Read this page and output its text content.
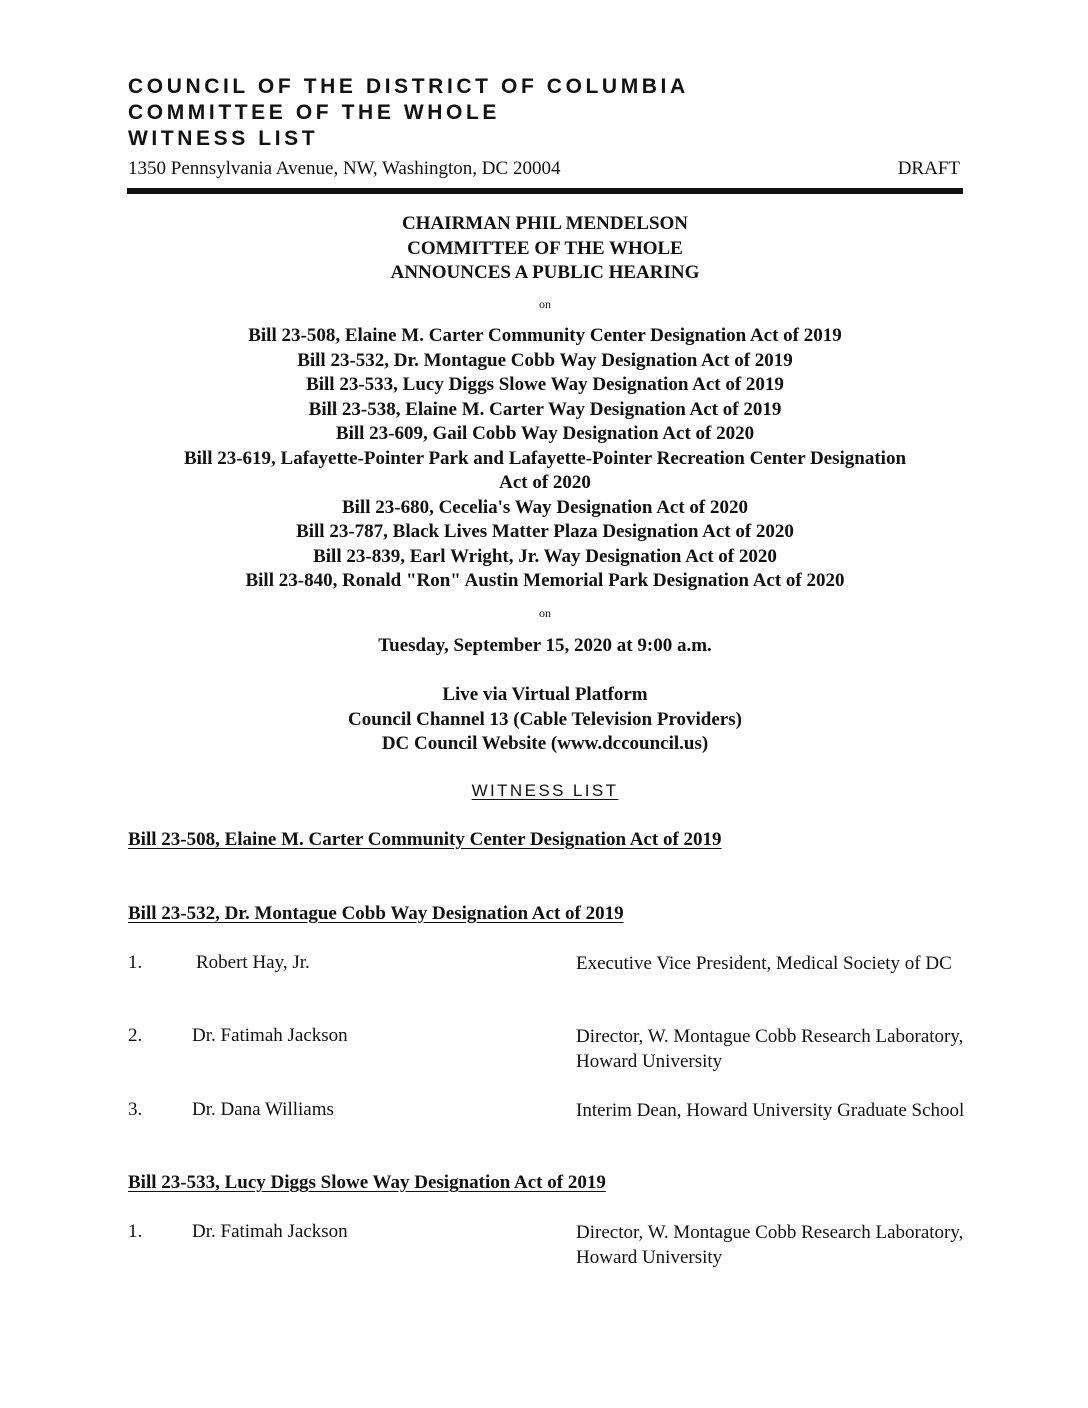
COUNCIL OF THE DISTRICT OF COLUMBIA
COMMITTEE OF THE WHOLE
WITNESS LIST
1350 Pennsylvania Avenue, NW, Washington, DC 20004	DRAFT
CHAIRMAN PHIL MENDELSON
COMMITTEE OF THE WHOLE
ANNOUNCES A PUBLIC HEARING
on
Bill 23-508, Elaine M. Carter Community Center Designation Act of 2019
Bill 23-532, Dr. Montague Cobb Way Designation Act of 2019
Bill 23-533, Lucy Diggs Slowe Way Designation Act of 2019
Bill 23-538, Elaine M. Carter Way Designation Act of 2019
Bill 23-609, Gail Cobb Way Designation Act of 2020
Bill 23-619, Lafayette-Pointer Park and Lafayette-Pointer Recreation Center Designation
Act of 2020
Bill 23-680, Cecelia's Way Designation Act of 2020
Bill 23-787, Black Lives Matter Plaza Designation Act of 2020
Bill 23-839, Earl Wright, Jr. Way Designation Act of 2020
Bill 23-840, Ronald "Ron" Austin Memorial Park Designation Act of 2020
on
Tuesday, September 15, 2020 at 9:00 a.m.
Live via Virtual Platform
Council Channel 13 (Cable Television Providers)
DC Council Website (www.dccouncil.us)
WITNESS LIST
Bill 23-508, Elaine M. Carter Community Center Designation Act of 2019
Bill 23-532, Dr. Montague Cobb Way Designation Act of 2019
1.	Robert Hay, Jr.	Executive Vice President, Medical Society of DC
2.	Dr. Fatimah Jackson	Director, W. Montague Cobb Research Laboratory, Howard University
3.	Dr. Dana Williams	Interim Dean, Howard University Graduate School
Bill 23-533, Lucy Diggs Slowe Way Designation Act of 2019
1.	Dr. Fatimah Jackson	Director, W. Montague Cobb Research Laboratory, Howard University
